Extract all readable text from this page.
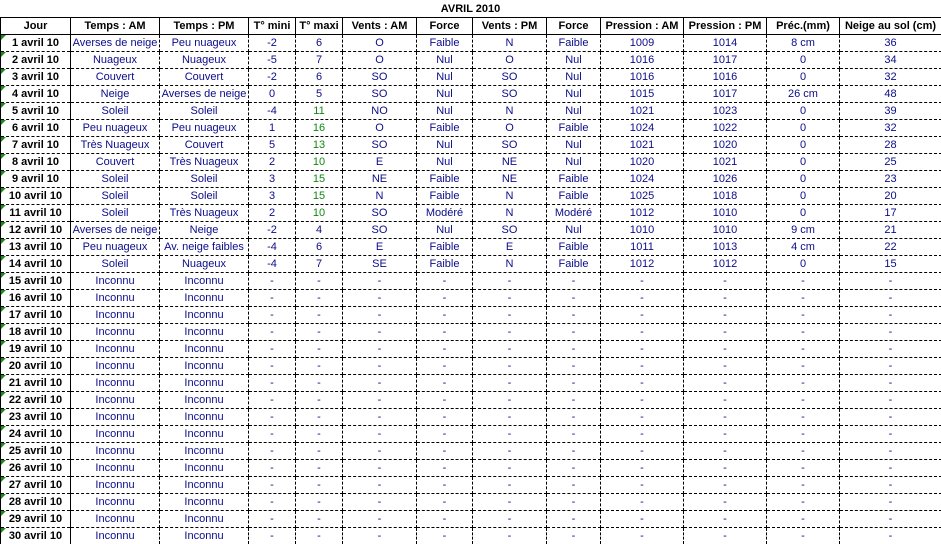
AVRIL 2010
Jour	Temps : AM	Temps : PM	T° mini	T° maxi	Vents : AM	Force	Vents : PM	Force	Pression : AM	Pression : PM	Préc.(mm)	Neige au sol (cm)
1 avril 10	Averses de neige	Peu nuageux	-2	6	O	Faible	N	Faible	1009	1014	8 cm	36
2 avril 10	Nuageux	Nuageux	-5	7	O	Nul	O	Nul	1016	1017	0	34
3 avril 10	Couvert	Couvert	-2	6	SO	Nul	SO	Nul	1016	1016	0	32
4 avril 10	Neige	Averses de neige	0	5	SO	Nul	SO	Nul	1015	1017	26 cm	48
5 avril 10	Soleil	Soleil	-4	11	NO	Nul	N	Nul	1021	1023	0	39
6 avril 10	Peu nuageux	Peu nuageux	1	16	O	Faible	O	Faible	1024	1022	0	32
7 avril 10	Très Nuageux	Couvert	5	13	SO	Nul	SO	Nul	1021	1020	0	28
8 avril 10	Couvert	Très Nuageux	2	10	E	Nul	NE	Nul	1020	1021	0	25
9 avril 10	Soleil	Soleil	3	15	NE	Faible	NE	Faible	1024	1026	0	23
10 avril 10	Soleil	Soleil	3	15	N	Faible	N	Faible	1025	1018	0	20
11 avril 10	Soleil	Très Nuageux	2	10	SO	Modéré	N	Modéré	1012	1010	0	17
12 avril 10	Averses de neige	Neige	-2	4	SO	Nul	SO	Nul	1010	1010	9 cm	21
13 avril 10	Peu nuageux	Av. neige faibles	-4	6	E	Faible	E	Faible	1011	1013	4 cm	22
14 avril 10	Soleil	Nuageux	-4	7	SE	Faible	N	Faible	1012	1012	0	15
15 avril 10	Inconnu	Inconnu	-	-	-	-	-	-	-	-	-	-
16 avril 10	Inconnu	Inconnu	-	-	-	-	-	-	-	-	-	-
17 avril 10	Inconnu	Inconnu	-	-	-	-	-	-	-	-	-	-
18 avril 10	Inconnu	Inconnu	-	-	-	-	-	-	-	-	-	-
19 avril 10	Inconnu	Inconnu	-	-	-	-	-	-	-	-	-	-
20 avril 10	Inconnu	Inconnu	-	-	-	-	-	-	-	-	-	-
21 avril 10	Inconnu	Inconnu	-	-	-	-	-	-	-	-	-	-
22 avril 10	Inconnu	Inconnu	-	-	-	-	-	-	-	-	-	-
23 avril 10	Inconnu	Inconnu	-	-	-	-	-	-	-	-	-	-
24 avril 10	Inconnu	Inconnu	-	-	-	-	-	-	-	-	-	-
25 avril 10	Inconnu	Inconnu	-	-	-	-	-	-	-	-	-	-
26 avril 10	Inconnu	Inconnu	-	-	-	-	-	-	-	-	-	-
27 avril 10	Inconnu	Inconnu	-	-	-	-	-	-	-	-	-	-
28 avril 10	Inconnu	Inconnu	-	-	-	-	-	-	-	-	-	-
29 avril 10	Inconnu	Inconnu	-	-	-	-	-	-	-	-	-	-
30 avril 10	Inconnu	Inconnu	-	-	-	-	-	-	-	-	-	-
